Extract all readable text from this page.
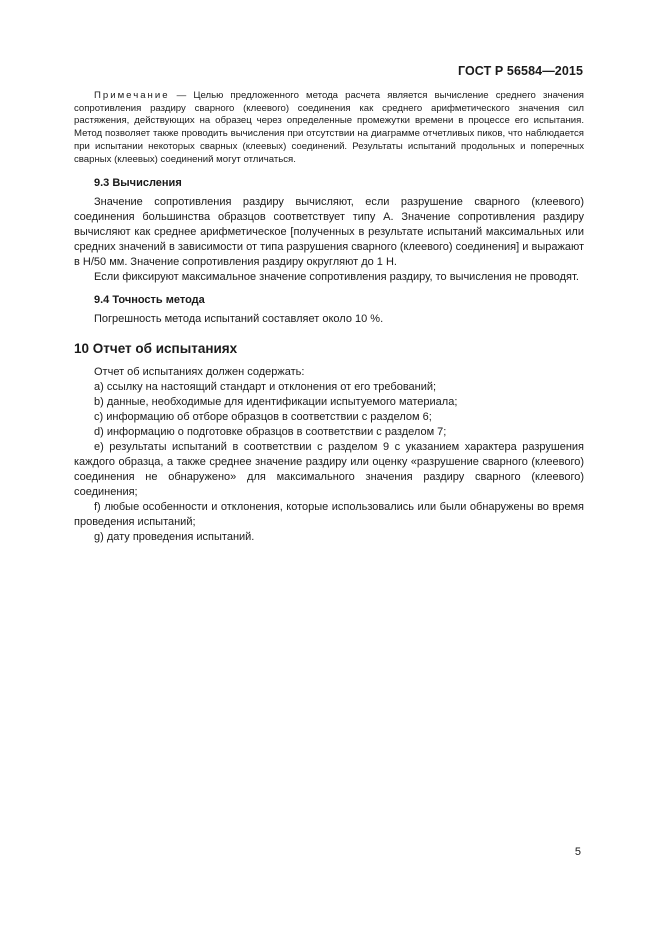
ГОСТ Р 56584—2015

Примечание — Целью предложенного метода расчета является вычисление среднего значения сопротивления раздиру сварного (клеевого) соединения как среднего арифметического значения сил растяжения, действующих на образец через определенные промежутки времени в процессе его испытания. Метод позволяет также проводить вычисления при отсутствии на диаграмме отчетливых пиков, что наблюдается при испытании некоторых сварных (клеевых) соединений. Результаты испытаний продольных и поперечных сварных (клеевых) соединений могут отличаться.

9.3 Вычисления

Значение сопротивления раздиру вычисляют, если разрушение сварного (клеевого) соединения большинства образцов соответствует типу А. Значение сопротивления раздиру вычисляют как среднее арифметическое [полученных в результате испытаний максимальных или средних значений в зависимости от типа разрушения сварного (клеевого) соединения] и выражают в Н/50 мм. Значение сопротивления раздиру округляют до 1 Н.

Если фиксируют максимальное значение сопротивления раздиру, то вычисления не проводят.

9.4 Точность метода

Погрешность метода испытаний составляет около 10 %.

10 Отчет об испытаниях

Отчет об испытаниях должен содержать:

a) ссылку на настоящий стандарт и отклонения от его требований;

b) данные, необходимые для идентификации испытуемого материала;

c) информацию об отборе образцов в соответствии с разделом 6;

d) информацию о подготовке образцов в соответствии с разделом 7;

e) результаты испытаний в соответствии с разделом 9 с указанием характера разрушения каждого образца, а также среднее значение раздиру или оценку «разрушение сварного (клеевого) соединения не обнаружено» для максимального значения раздиру сварного (клеевого) соединения;

f) любые особенности и отклонения, которые использовались или были обнаружены во время проведения испытаний;

g) дату проведения испытаний.

5
